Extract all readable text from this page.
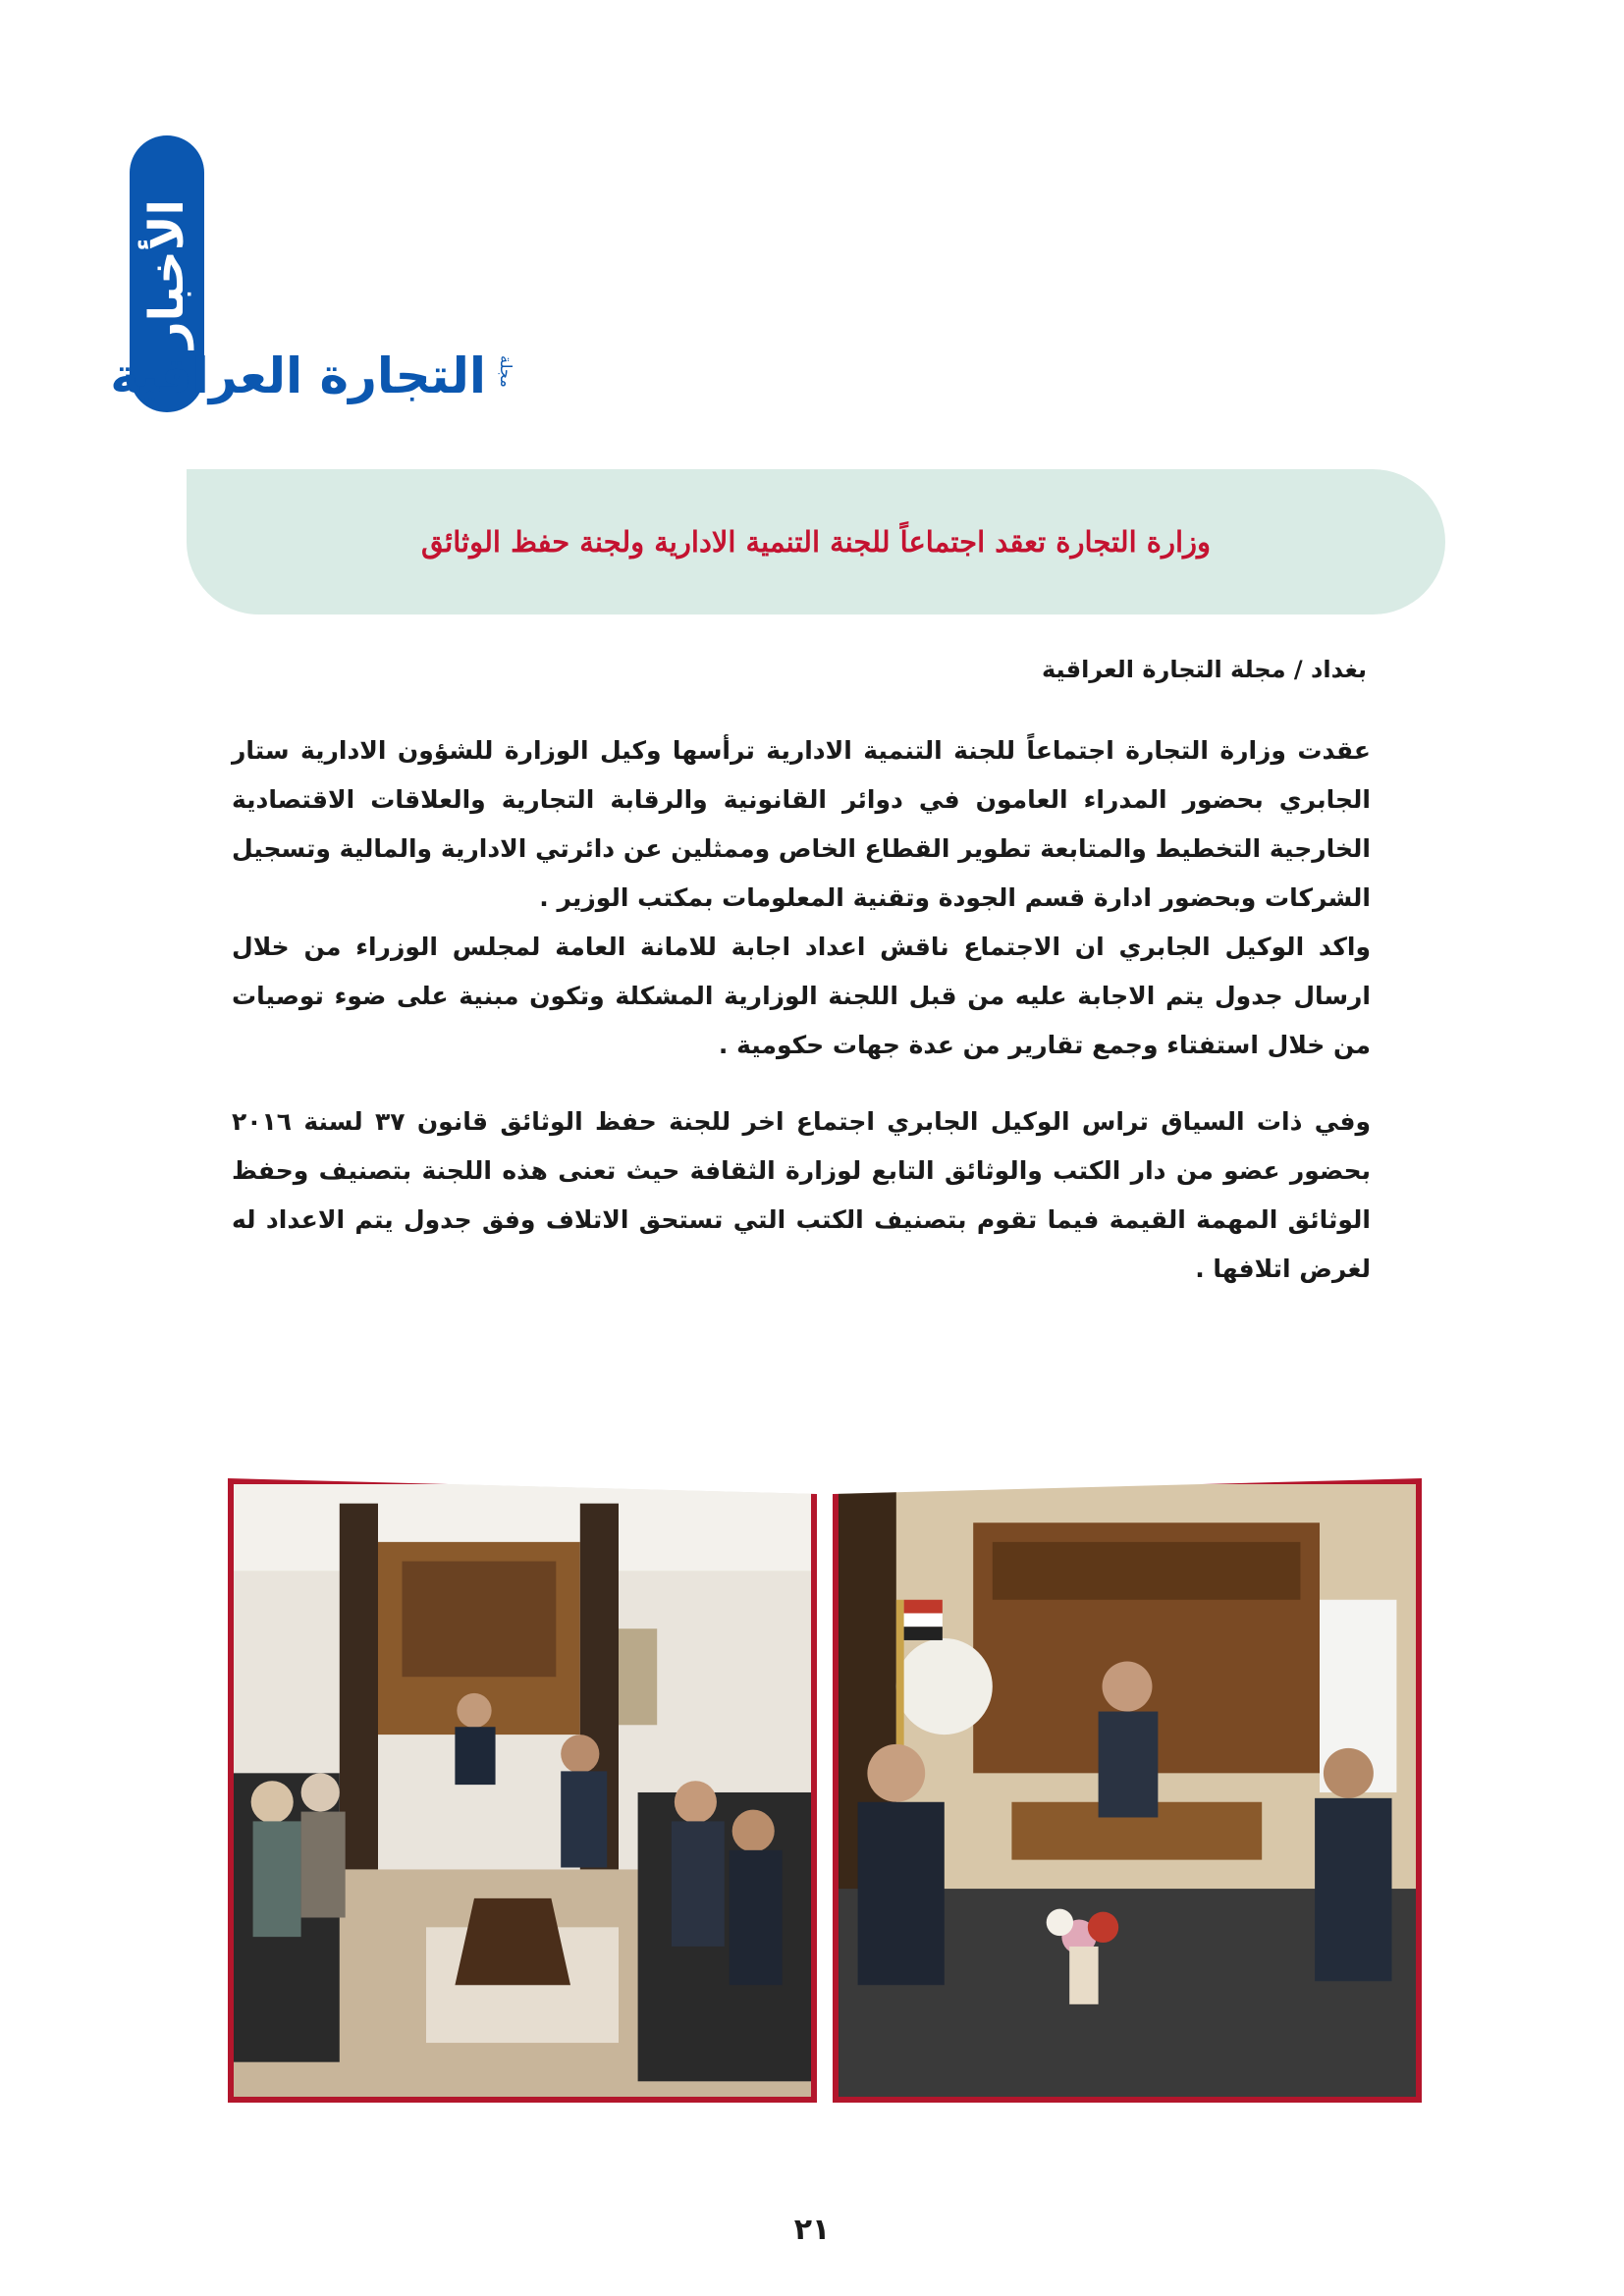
الأخبار
مجلة
التجارة العراقية
وزارة التجارة تعقد اجتماعاً للجنة التنمية الادارية ولجنة حفظ الوثائق
بغداد / مجلة التجارة العراقية

عقدت وزارة التجارة اجتماعاً للجنة التنمية الادارية ترأسها وكيل الوزارة للشؤون الادارية ستار الجابري بحضور المدراء العامون في دوائر القانونية والرقابة التجارية والعلاقات الاقتصادية الخارجية التخطيط والمتابعة تطوير القطاع الخاص وممثلين عن دائرتي الادارية والمالية وتسجيل الشركات وبحضور ادارة قسم الجودة وتقنية المعلومات بمكتب الوزير .

واكد الوكيل الجابري ان الاجتماع ناقش اعداد اجابة للامانة العامة لمجلس الوزراء من خلال ارسال جدول يتم الاجابة عليه من قبل اللجنة الوزارية المشكلة وتكون مبنية على ضوء توصيات من خلال استفتاء وجمع تقارير من عدة جهات حكومية .

وفي ذات السياق تراس الوكيل الجابري اجتماع اخر للجنة حفظ الوثائق قانون ٣٧ لسنة ٢٠١٦ بحضور عضو من دار الكتب والوثائق التابع لوزارة الثقافة حيث تعنى هذه اللجنة بتصنيف وحفظ الوثائق المهمة القيمة فيما تقوم بتصنيف الكتب التي تستحق الاتلاف وفق جدول يتم الاعداد له لغرض اتلافها .

٢١
